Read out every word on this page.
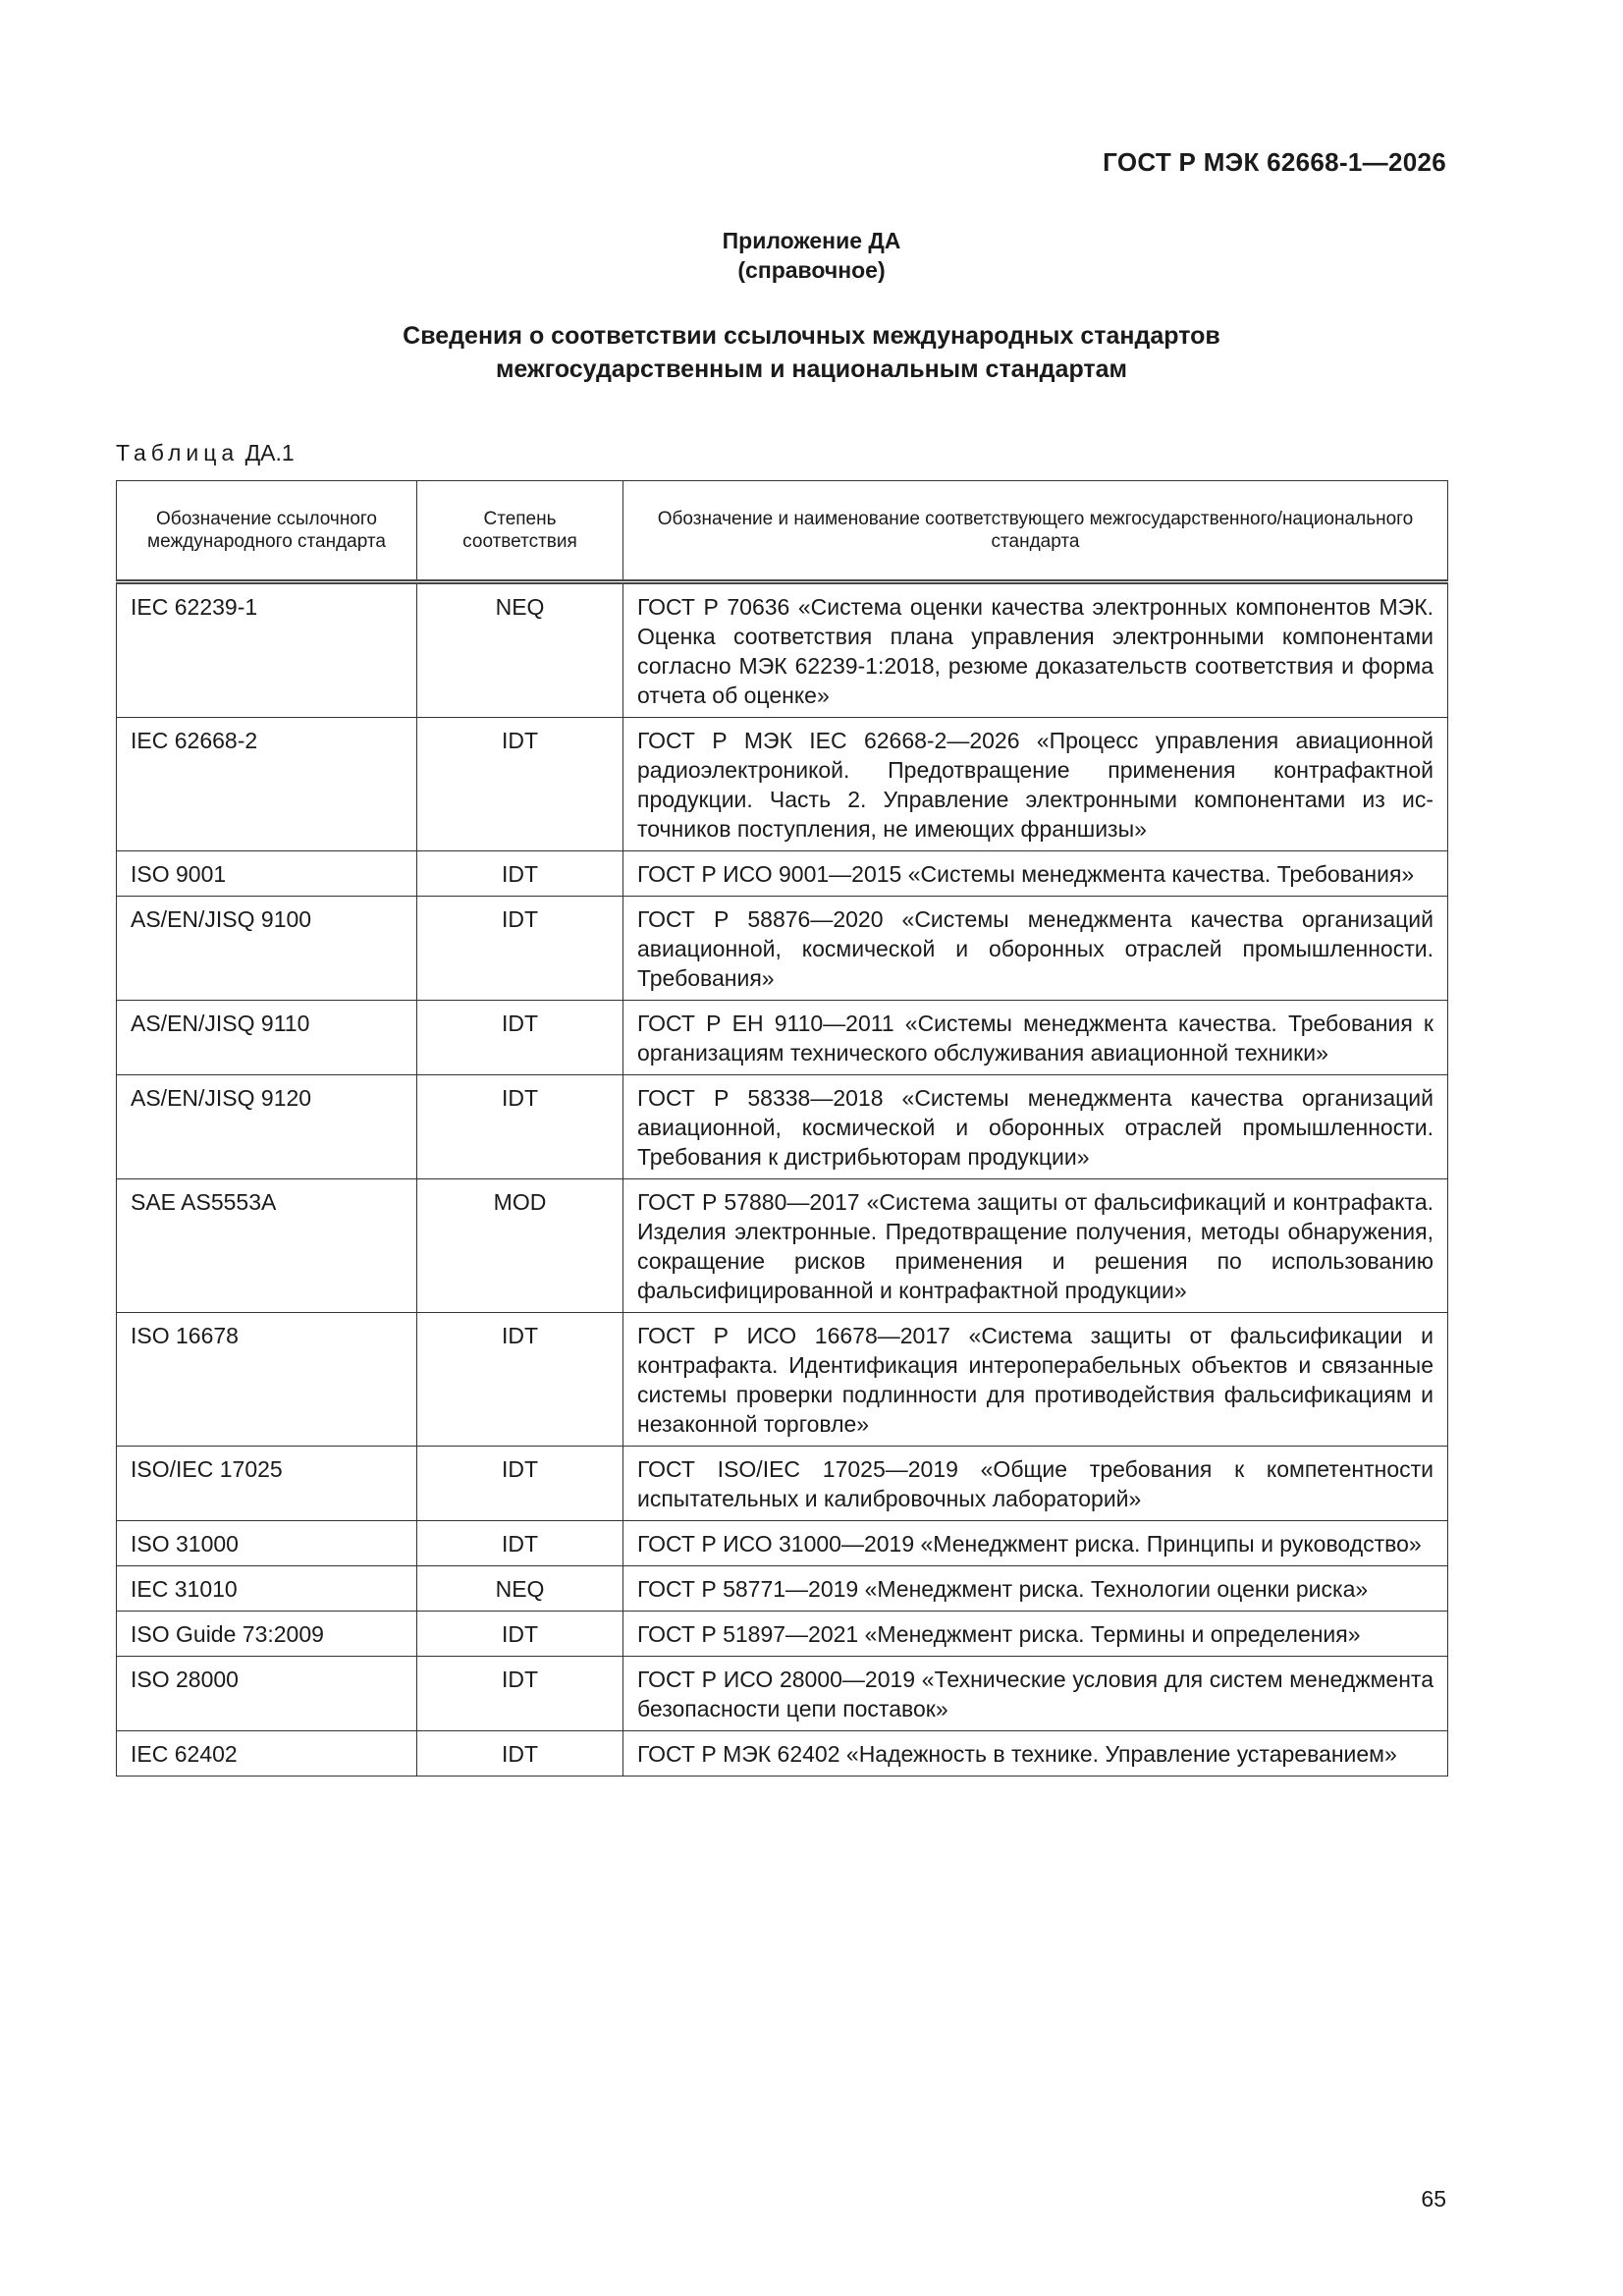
ГОСТ Р МЭК 62668-1—2026
Приложение ДА
(справочное)
Сведения о соответствии ссылочных международных стандартов
межгосударственным и национальным стандартам
Таблица ДА.1
Обозначение ссылочного международного стандарта	Степень соответствия	Обозначение и наименование соответствующего межгосударственного/национального стандарта
IEC 62239-1	NEQ	ГОСТ Р 70636 «Система оценки качества электронных компонентов МЭК. Оценка соответствия плана управления электронными компонентами согласно МЭК 62239-1:2018, резюме доказательств соответствия и форма отчета об оценке»
IEC 62668-2	IDT	ГОСТ Р МЭК IEC 62668-2—2026 «Процесс управления авиационной радиоэлектроникой. Предотвращение применения контрафактной продукции. Часть 2. Управление электронными компонентами из источников поступления, не имеющих франшизы»
ISO 9001	IDT	ГОСТ Р ИСО 9001—2015 «Системы менеджмента качества. Требования»
AS/EN/JISQ 9100	IDT	ГОСТ Р 58876—2020 «Системы менеджмента качества организаций авиационной, космической и оборонных отраслей промышленности. Требования»
AS/EN/JISQ 9110	IDT	ГОСТ Р ЕН 9110—2011 «Системы менеджмента качества. Требования к организациям технического обслуживания авиационной техники»
AS/EN/JISQ 9120	IDT	ГОСТ Р 58338—2018 «Системы менеджмента качества организаций авиационной, космической и оборонных отраслей промышленности. Требования к дистрибьюторам продукции»
SAE AS5553A	MOD	ГОСТ Р 57880—2017 «Система защиты от фальсификаций и контрафакта. Изделия электронные. Предотвращение получения, методы обнаружения, сокращение рисков применения и решения по использованию фальсифицированной и контрафактной продукции»
ISO 16678	IDT	ГОСТ Р ИСО 16678—2017 «Система защиты от фальсификации и контрафакта. Идентификация интероперабельных объектов и связанные системы проверки подлинности для противодействия фальсификациям и незаконной торговле»
ISO/IEC 17025	IDT	ГОСТ ISO/IEC 17025—2019 «Общие требования к компетентности испытательных и калибровочных лабораторий»
ISO 31000	IDT	ГОСТ Р ИСО 31000—2019 «Менеджмент риска. Принципы и руководство»
IEC 31010	NEQ	ГОСТ Р 58771—2019 «Менеджмент риска. Технологии оценки риска»
ISO Guide 73:2009	IDT	ГОСТ Р 51897—2021 «Менеджмент риска. Термины и определения»
ISO 28000	IDT	ГОСТ Р ИСО 28000—2019 «Технические условия для систем менеджмента безопасности цепи поставок»
IEC 62402	IDT	ГОСТ Р МЭК 62402 «Надежность в технике. Управление устареванием»
65
